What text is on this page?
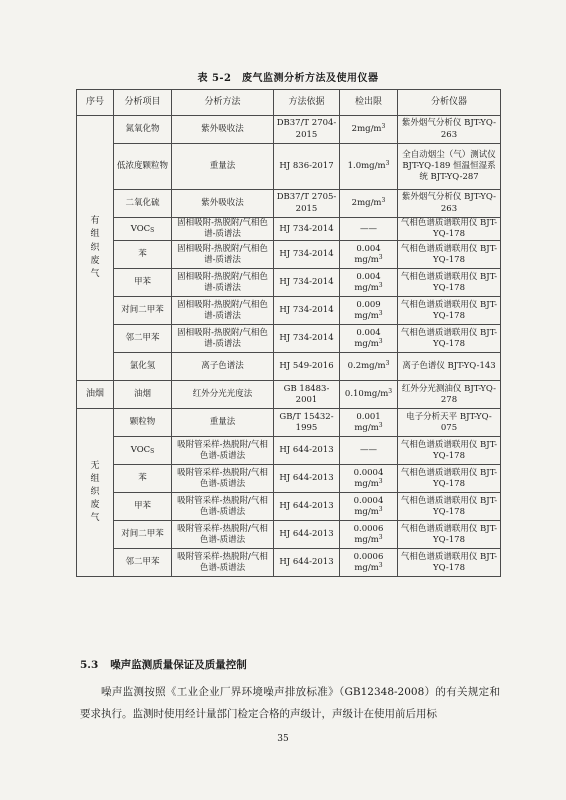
表 5-2　废气监测分析方法及使用仪器
序号	分析项目	分析方法	方法依据	检出限	分析仪器
有组织废气	氮氧化物	紫外吸收法	DB37/T 2704-2015	$2mg/m^3$	紫外烟气分析仪 BJT-YQ-263
	低浓度颗粒物	重量法	HJ 836-2017	$1.0mg/m^3$	全自动烟尘（气）测试仪 BJT-YQ-189 恒温恒湿系统 BJT-YQ-287
	二氧化硫	紫外吸收法	DB37/T 2705-2015	$2mg/m^3$	紫外烟气分析仪 BJT-YQ-263
	$VOC_S$	固相吸附-热脱附/气相色谱-质谱法	HJ 734-2014	——	气相色谱质谱联用仪 BJT-YQ-178
	苯	固相吸附-热脱附/气相色谱-质谱法	HJ 734-2014	0.004 $mg/m^3$	气相色谱质谱联用仪 BJT-YQ-178
	甲苯	固相吸附-热脱附/气相色谱-质谱法	HJ 734-2014	0.004 $mg/m^3$	气相色谱质谱联用仪 BJT-YQ-178
	对间二甲苯	固相吸附-热脱附/气相色谱-质谱法	HJ 734-2014	0.009 $mg/m^3$	气相色谱质谱联用仪 BJT-YQ-178
	邻二甲苯	固相吸附-热脱附/气相色谱-质谱法	HJ 734-2014	0.004 $mg/m^3$	气相色谱质谱联用仪 BJT-YQ-178
	氯化氢	离子色谱法	HJ 549-2016	$0.2mg/m^3$	离子色谱仪 BJT-YQ-143
油烟	油烟	红外分光光度法	GB 18483-2001	$0.10mg/m^3$	红外分光测油仪 BJT-YQ-278
无组织废气	颗粒物	重量法	GB/T 15432-1995	0.001 $mg/m^3$	电子分析天平 BJT-YQ-075
	$VOC_S$	吸附管采样-热脱附/气相色谱-质谱法	HJ 644-2013	——	气相色谱质谱联用仪 BJT-YQ-178
	苯	吸附管采样-热脱附/气相色谱-质谱法	HJ 644-2013	0.0004 $mg/m^3$	气相色谱质谱联用仪 BJT-YQ-178
	甲苯	吸附管采样-热脱附/气相色谱-质谱法	HJ 644-2013	0.0004 $mg/m^3$	气相色谱质谱联用仪 BJT-YQ-178
	对间二甲苯	吸附管采样-热脱附/气相色谱-质谱法	HJ 644-2013	0.0006 $mg/m^3$	气相色谱质谱联用仪 BJT-YQ-178
	邻二甲苯	吸附管采样-热脱附/气相色谱-质谱法	HJ 644-2013	0.0006 $mg/m^3$	气相色谱质谱联用仪 BJT-YQ-178
5.3 噪声监测质量保证及质量控制
噪声监测按照《工业企业厂界环境噪声排放标准》（GB12348-2008）的有关规定和要求执行。监测时使用经计量部门检定合格的声级计，声级计在使用前后用标
35
